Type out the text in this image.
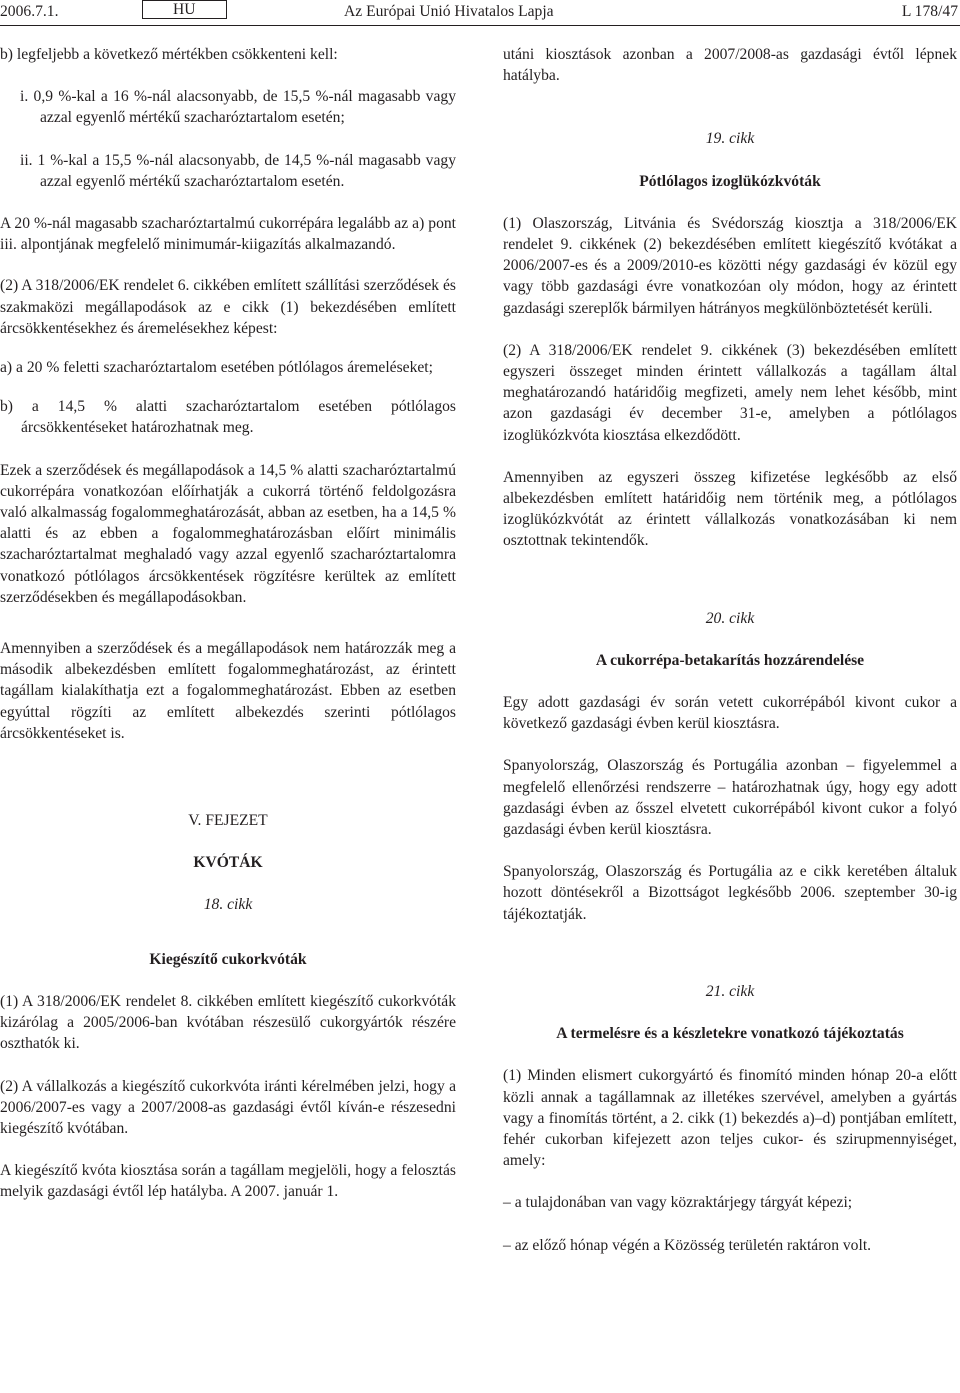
2006.7.1.	HU	Az Európai Unió Hivatalos Lapja	L 178/47

b) legfeljebb a következő mértékben csökkenteni kell:

i. 0,9 %-kal a 16 %-nál alacsonyabb, de 15,5 %-nál magasabb vagy azzal egyenlő mértékű szacharóztartalom esetén;

ii. 1 %-kal a 15,5 %-nál alacsonyabb, de 14,5 %-nál magasabb vagy azzal egyenlő mértékű szacharóztartalom esetén.

A 20 %-nál magasabb szacharóztartalmú cukorrépára legalább az a) pont iii. alpontjának megfelelő minimumár-kiigazítás alkalmazandó.

(2) A 318/2006/EK rendelet 6. cikkében említett szállítási szerződések és szakmaközi megállapodások az e cikk (1) bekezdésében említett árcsökkentésekhez és áremelésekhez képest:

a) a 20 % feletti szacharóztartalom esetében pótlólagos áremeléseket;

b) a 14,5 % alatti szacharóztartalom esetében pótlólagos árcsökkentéseket határozhatnak meg.

Ezek a szerződések és megállapodások a 14,5 % alatti szacharóztartalmú cukorrépára vonatkozóan előírhatják a cukorrá történő feldolgozásra való alkalmasság fogalommeghatározását, abban az esetben, ha a 14,5 % alatti és az ebben a fogalommeghatározásban előírt minimális szacharóztartalmat meghaladó vagy azzal egyenlő szacharóztartalomra vonatkozó pótlólagos árcsökkentések rögzítésre kerültek az említett szerződésekben és megállapodásokban.

Amennyiben a szerződések és a megállapodások nem határozzák meg a második albekezdésben említett fogalommeghatározást, az érintett tagállam kialakíthatja ezt a fogalommeghatározást. Ebben az esetben egyúttal rögzíti az említett albekezdés szerinti pótlólagos árcsökkentéseket is.

V. FEJEZET

KVÓTÁK

18. cikk

Kiegészítő cukorkvóták

(1) A 318/2006/EK rendelet 8. cikkében említett kiegészítő cukorkvóták kizárólag a 2005/2006-ban kvótában részesülő cukorgyártók részére oszthatók ki.

(2) A vállalkozás a kiegészítő cukorkvóta iránti kérelmében jelzi, hogy a 2006/2007-es vagy a 2007/2008-as gazdasági évtől kíván-e részesedni kiegészítő kvótában.

A kiegészítő kvóta kiosztása során a tagállam megjelöli, hogy a felosztás melyik gazdasági évtől lép hatályba. A 2007. január 1.

utáni kiosztások azonban a 2007/2008-as gazdasági évtől lépnek hatályba.

19. cikk

Pótlólagos izoglükózkvóták

(1) Olaszország, Litvánia és Svédország kiosztja a 318/2006/EK rendelet 9. cikkének (2) bekezdésében említett kiegészítő kvótákat a 2006/2007-es és a 2009/2010-es közötti négy gazdasági év közül egy vagy több gazdasági évre vonatkozóan oly módon, hogy az érintett gazdasági szereplők bármilyen hátrányos megkülönböztetését kerüli.

(2) A 318/2006/EK rendelet 9. cikkének (3) bekezdésében említett egyszeri összeget minden érintett vállalkozás a tagállam által meghatározandó határidőig megfizeti, amely nem lehet később, mint azon gazdasági év december 31-e, amelyben a pótlólagos izoglükózkvóta kiosztása elkezdődött.

Amennyiben az egyszeri összeg kifizetése legkésőbb az első albekezdésben említett határidőig nem történik meg, a pótlólagos izoglükózkvótát az érintett vállalkozás vonatkozásában ki nem osztottnak tekintendők.

20. cikk

A cukorrépa-betakarítás hozzárendelése

Egy adott gazdasági év során vetett cukorrépából kivont cukor a következő gazdasági évben kerül kiosztásra.

Spanyolország, Olaszország és Portugália azonban – figyelemmel a megfelelő ellenőrzési rendszerre – határozhatnak úgy, hogy egy adott gazdasági évben az ősszel elvetett cukorrépából kivont cukor a folyó gazdasági évben kerül kiosztásra.

Spanyolország, Olaszország és Portugália az e cikk keretében általuk hozott döntésekről a Bizottságot legkésőbb 2006. szeptember 30-ig tájékoztatják.

21. cikk

A termelésre és a készletekre vonatkozó tájékoztatás

(1) Minden elismert cukorgyártó és finomító minden hónap 20-a előtt közli annak a tagállamnak az illetékes szervével, amelyben a gyártás vagy a finomítás történt, a 2. cikk (1) bekezdés a)–d) pontjában említett, fehér cukorban kifejezett azon teljes cukor- és szirupmennyiséget, amely:

– a tulajdonában van vagy közraktárjegy tárgyát képezi;

– az előző hónap végén a Közösség területén raktáron volt.
